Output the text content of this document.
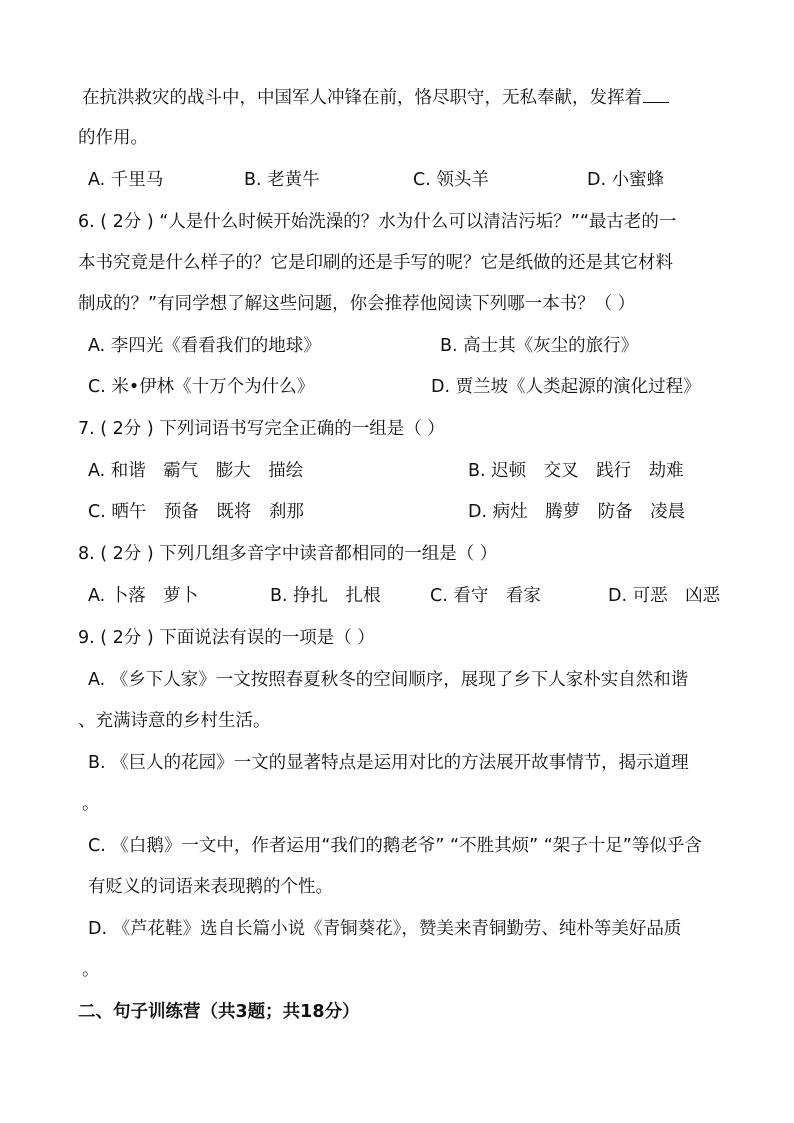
在抗洪救灾的战斗中，中国军人冲锋在前，恪尽职守，无私奉献，发挥着
的作用。
A. 千里马	B. 老黄牛	C. 领头羊	D. 小蜜蜂
6. ( 2分 ) “人是什么时候开始洗澡的？水为什么可以清洁污垢？”“最古老的一
本书究竟是什么样子的？它是印刷的还是手写的呢？它是纸做的还是其它材料
制成的？”有同学想了解这些问题，你会推荐他阅读下列哪一本书？（ ）
A. 李四光《看看我们的地球》	B. 高士其《灰尘的旅行》
C. 米•伊林《十万个为什么》	D. 贾兰坡《人类起源的演化过程》
7. ( 2分 ) 下列词语书写完全正确的一组是（ ）
A. 和谐　霸气　膨大　描绘	B. 迟顿　交叉　践行　劫难
C. 晒午　预备　既将　刹那	D. 病灶　腾萝　防备　凌晨
8. ( 2分 ) 下列几组多音字中读音都相同的一组是（ ）
A. 卜落　萝卜	B. 挣扎　扎根	C. 看守　看家	D. 可恶　凶恶
9. ( 2分 ) 下面说法有误的一项是（ ）
A. 《乡下人家》一文按照春夏秋冬的空间顺序，展现了乡下人家朴实自然和谐
、充满诗意的乡村生活。
B. 《巨人的花园》一文的显著特点是运用对比的方法展开故事情节，揭示道理
。
C. 《白鹅》一文中，作者运用“我们的鹅老爷” “不胜其烦” “架子十足”等似乎含
有贬义的词语来表现鹅的个性。
D. 《芦花鞋》选自长篇小说《青铜葵花》，赞美来青铜勤劳、纯朴等美好品质
。
二、句子训练营（共3题；共18分）
